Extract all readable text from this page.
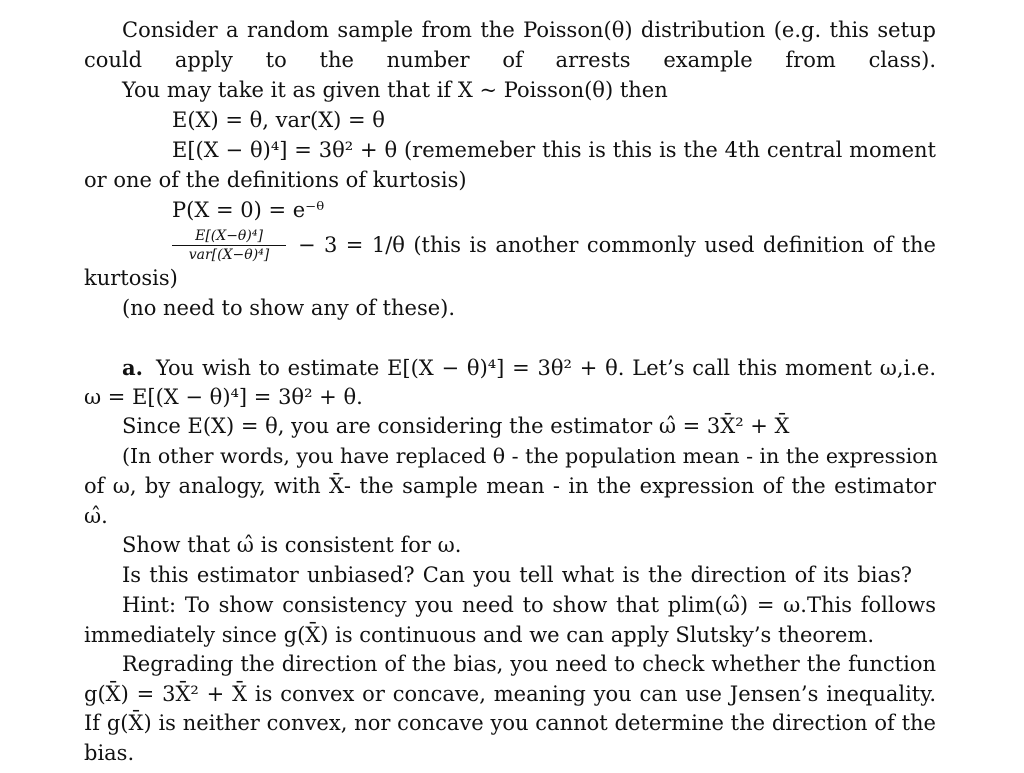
Consider a random sample from the Poisson(θ) distribution (e.g. this setup
could apply to the number of arrests example from class).
You may take it as given that if X ~ Poisson(θ) then
E(X) = θ, var(X) = θ
E[(X − θ)⁴] = 3θ² + θ (rememeber this is this is the 4th central moment
or one of the definitions of kurtosis)
P(X = 0) = e⁻ᶿ
E[(X−θ)⁴]
var[(X−θ)⁴]	− 3 = 1/θ (this is another commonly used definition of the
kurtosis)
(no need to show any of these).
a. You wish to estimate E[(X − θ)⁴] = 3θ² + θ. Let’s call this moment ω,i.e.
ω = E[(X − θ)⁴] = 3θ² + θ.
Since E(X) = θ, you are considering the estimator ω̂ = 3X̄² + X̄
(In other words, you have replaced θ - the population mean - in the expression
of ω, by analogy, with X̄- the sample mean - in the expression of the estimator
ω̂.
Show that ω̂ is consistent for ω.
Is this estimator unbiased? Can you tell what is the direction of its bias?
Hint: To show consistency you need to show that plim(ω̂) = ω.This follows
immediately since g(X̄) is continuous and we can apply Slutsky’s theorem.
Regrading the direction of the bias, you need to check whether the function
g(X̄) = 3X̄² + X̄ is convex or concave, meaning you can use Jensen’s inequality.
If g(X̄) is neither convex, nor concave you cannot determine the direction of the
bias.
